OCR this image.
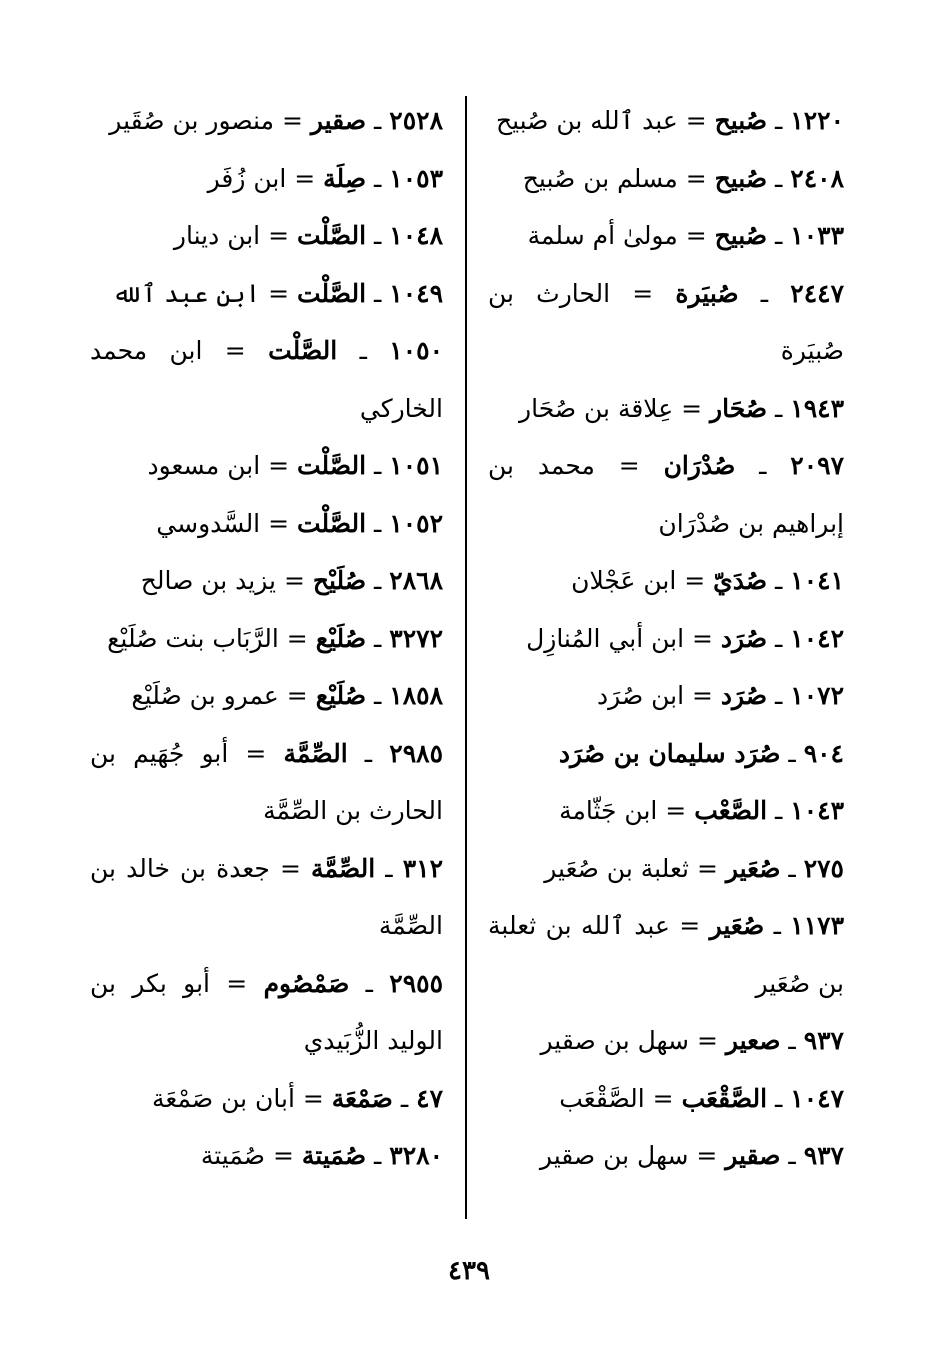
١٢٢٠ ـ صُبيح = عبد ٱلله بن صُبيح

٢٤٠٨ ـ صُبيح = مسلم بن صُبيح

١٠٣٣ ـ صُبيح = مولىٰ أم سلمة

٢٤٤٧ ـ صُبيَرة = الحارث بن صُبيَرة

١٩٤٣ ـ صُحَار = عِلاقة بن صُحَار

٢٠٩٧ ـ صُدْرَان = محمد بن إبراهيم بن صُدْرَان

١٠٤١ ـ صُدَيّ = ابن عَجْلان

١٠٤٢ ـ صُرَد = ابن أبي المُنازِل

١٠٧٢ ـ صُرَد = ابن صُرَد

٩٠٤ ـ صُرَد سليمان بن صُرَد

١٠٤٣ ـ الصَّعْب = ابن جَثّامة

٢٧٥ ـ صُعَير = ثعلبة بن صُعَير

١١٧٣ ـ صُعَير = عبد ٱلله بن ثعلبة بن صُعَير

٩٣٧ ـ صعير = سهل بن صقير

١٠٤٧ ـ الصَّقْعَب = الصَّقْعَب

٩٣٧ ـ صقير = سهل بن صقير

٢٥٢٨ ـ صقير = منصور بن صُقَير

١٠٥٣ ـ صِلَة = ابن زُفَر

١٠٤٨ ـ الصَّلْت = ابن دينار

١٠٤٩ ـ الصَّلْت = ابن عبد ٱلله

١٠٥٠ ـ الصَّلْت = ابن محمد الخاركي

١٠٥١ ـ الصَّلْت = ابن مسعود

١٠٥٢ ـ الصَّلْت = السَّدوسي

٢٨٦٨ ـ صُلَيْح = يزيد بن صالح

٣٢٧٢ ـ صُلَيْع = الرَّبَاب بنت صُلَيْع

١٨٥٨ ـ صُلَيْع = عمرو بن صُلَيْع

٢٩٨٥ ـ الصِّمَّة = أبو جُهَيم بن الحارث بن الصِّمَّة

٣١٢ ـ الصِّمَّة = جعدة بن خالد بن الصِّمَّة

٢٩٥٥ ـ صَمْصُوم = أبو بكر بن الوليد الزُّبَيدي

٤٧ ـ صَمْعَة = أبان بن صَمْعَة

٣٢٨٠ ـ صُمَيتة = صُمَيتة

٤٣٩
